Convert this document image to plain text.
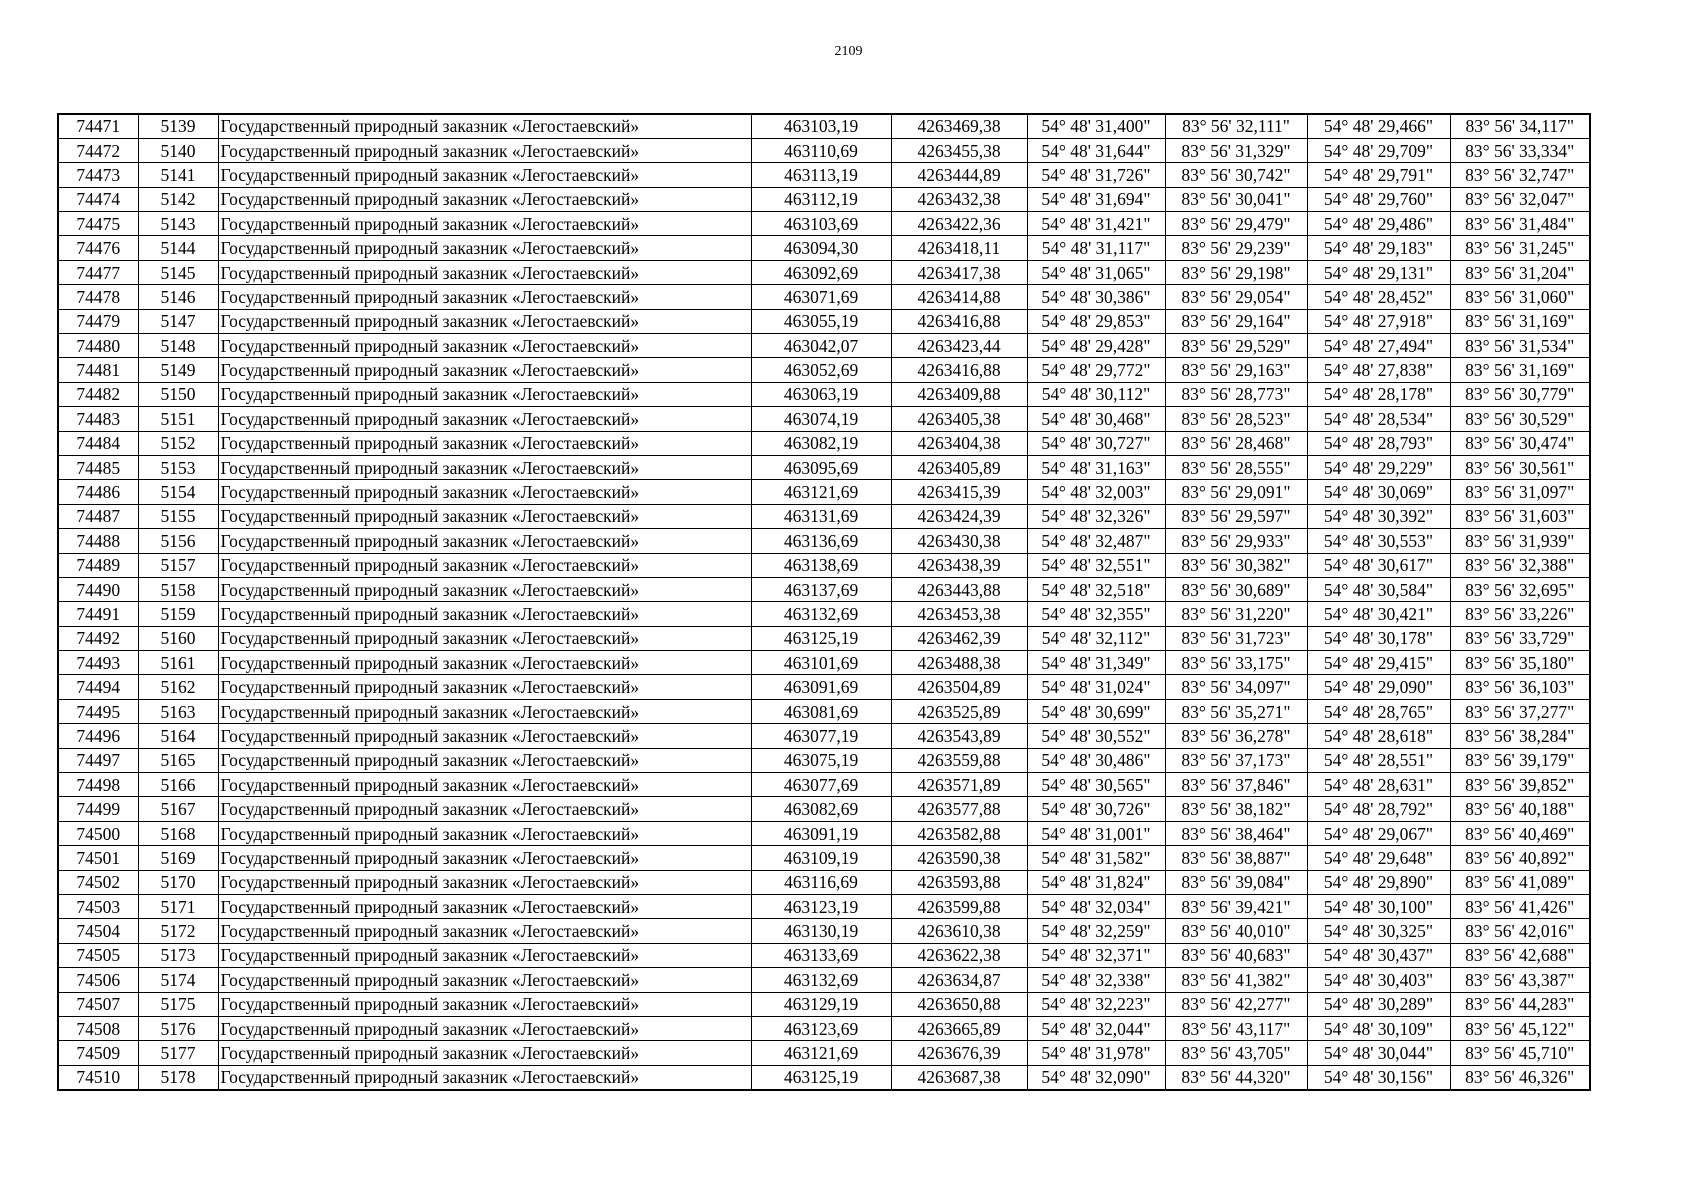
2109
74471	5139	Государственный природный заказник «Легостаевский»	463103,19	4263469,38	54° 48' 31,400"	83° 56' 32,111"	54° 48' 29,466"	83° 56' 34,117"
74472	5140	Государственный природный заказник «Легостаевский»	463110,69	4263455,38	54° 48' 31,644"	83° 56' 31,329"	54° 48' 29,709"	83° 56' 33,334"
74473	5141	Государственный природный заказник «Легостаевский»	463113,19	4263444,89	54° 48' 31,726"	83° 56' 30,742"	54° 48' 29,791"	83° 56' 32,747"
74474	5142	Государственный природный заказник «Легостаевский»	463112,19	4263432,38	54° 48' 31,694"	83° 56' 30,041"	54° 48' 29,760"	83° 56' 32,047"
74475	5143	Государственный природный заказник «Легостаевский»	463103,69	4263422,36	54° 48' 31,421"	83° 56' 29,479"	54° 48' 29,486"	83° 56' 31,484"
74476	5144	Государственный природный заказник «Легостаевский»	463094,30	4263418,11	54° 48' 31,117"	83° 56' 29,239"	54° 48' 29,183"	83° 56' 31,245"
74477	5145	Государственный природный заказник «Легостаевский»	463092,69	4263417,38	54° 48' 31,065"	83° 56' 29,198"	54° 48' 29,131"	83° 56' 31,204"
74478	5146	Государственный природный заказник «Легостаевский»	463071,69	4263414,88	54° 48' 30,386"	83° 56' 29,054"	54° 48' 28,452"	83° 56' 31,060"
74479	5147	Государственный природный заказник «Легостаевский»	463055,19	4263416,88	54° 48' 29,853"	83° 56' 29,164"	54° 48' 27,918"	83° 56' 31,169"
74480	5148	Государственный природный заказник «Легостаевский»	463042,07	4263423,44	54° 48' 29,428"	83° 56' 29,529"	54° 48' 27,494"	83° 56' 31,534"
74481	5149	Государственный природный заказник «Легостаевский»	463052,69	4263416,88	54° 48' 29,772"	83° 56' 29,163"	54° 48' 27,838"	83° 56' 31,169"
74482	5150	Государственный природный заказник «Легостаевский»	463063,19	4263409,88	54° 48' 30,112"	83° 56' 28,773"	54° 48' 28,178"	83° 56' 30,779"
74483	5151	Государственный природный заказник «Легостаевский»	463074,19	4263405,38	54° 48' 30,468"	83° 56' 28,523"	54° 48' 28,534"	83° 56' 30,529"
74484	5152	Государственный природный заказник «Легостаевский»	463082,19	4263404,38	54° 48' 30,727"	83° 56' 28,468"	54° 48' 28,793"	83° 56' 30,474"
74485	5153	Государственный природный заказник «Легостаевский»	463095,69	4263405,89	54° 48' 31,163"	83° 56' 28,555"	54° 48' 29,229"	83° 56' 30,561"
74486	5154	Государственный природный заказник «Легостаевский»	463121,69	4263415,39	54° 48' 32,003"	83° 56' 29,091"	54° 48' 30,069"	83° 56' 31,097"
74487	5155	Государственный природный заказник «Легостаевский»	463131,69	4263424,39	54° 48' 32,326"	83° 56' 29,597"	54° 48' 30,392"	83° 56' 31,603"
74488	5156	Государственный природный заказник «Легостаевский»	463136,69	4263430,38	54° 48' 32,487"	83° 56' 29,933"	54° 48' 30,553"	83° 56' 31,939"
74489	5157	Государственный природный заказник «Легостаевский»	463138,69	4263438,39	54° 48' 32,551"	83° 56' 30,382"	54° 48' 30,617"	83° 56' 32,388"
74490	5158	Государственный природный заказник «Легостаевский»	463137,69	4263443,88	54° 48' 32,518"	83° 56' 30,689"	54° 48' 30,584"	83° 56' 32,695"
74491	5159	Государственный природный заказник «Легостаевский»	463132,69	4263453,38	54° 48' 32,355"	83° 56' 31,220"	54° 48' 30,421"	83° 56' 33,226"
74492	5160	Государственный природный заказник «Легостаевский»	463125,19	4263462,39	54° 48' 32,112"	83° 56' 31,723"	54° 48' 30,178"	83° 56' 33,729"
74493	5161	Государственный природный заказник «Легостаевский»	463101,69	4263488,38	54° 48' 31,349"	83° 56' 33,175"	54° 48' 29,415"	83° 56' 35,180"
74494	5162	Государственный природный заказник «Легостаевский»	463091,69	4263504,89	54° 48' 31,024"	83° 56' 34,097"	54° 48' 29,090"	83° 56' 36,103"
74495	5163	Государственный природный заказник «Легостаевский»	463081,69	4263525,89	54° 48' 30,699"	83° 56' 35,271"	54° 48' 28,765"	83° 56' 37,277"
74496	5164	Государственный природный заказник «Легостаевский»	463077,19	4263543,89	54° 48' 30,552"	83° 56' 36,278"	54° 48' 28,618"	83° 56' 38,284"
74497	5165	Государственный природный заказник «Легостаевский»	463075,19	4263559,88	54° 48' 30,486"	83° 56' 37,173"	54° 48' 28,551"	83° 56' 39,179"
74498	5166	Государственный природный заказник «Легостаевский»	463077,69	4263571,89	54° 48' 30,565"	83° 56' 37,846"	54° 48' 28,631"	83° 56' 39,852"
74499	5167	Государственный природный заказник «Легостаевский»	463082,69	4263577,88	54° 48' 30,726"	83° 56' 38,182"	54° 48' 28,792"	83° 56' 40,188"
74500	5168	Государственный природный заказник «Легостаевский»	463091,19	4263582,88	54° 48' 31,001"	83° 56' 38,464"	54° 48' 29,067"	83° 56' 40,469"
74501	5169	Государственный природный заказник «Легостаевский»	463109,19	4263590,38	54° 48' 31,582"	83° 56' 38,887"	54° 48' 29,648"	83° 56' 40,892"
74502	5170	Государственный природный заказник «Легостаевский»	463116,69	4263593,88	54° 48' 31,824"	83° 56' 39,084"	54° 48' 29,890"	83° 56' 41,089"
74503	5171	Государственный природный заказник «Легостаевский»	463123,19	4263599,88	54° 48' 32,034"	83° 56' 39,421"	54° 48' 30,100"	83° 56' 41,426"
74504	5172	Государственный природный заказник «Легостаевский»	463130,19	4263610,38	54° 48' 32,259"	83° 56' 40,010"	54° 48' 30,325"	83° 56' 42,016"
74505	5173	Государственный природный заказник «Легостаевский»	463133,69	4263622,38	54° 48' 32,371"	83° 56' 40,683"	54° 48' 30,437"	83° 56' 42,688"
74506	5174	Государственный природный заказник «Легостаевский»	463132,69	4263634,87	54° 48' 32,338"	83° 56' 41,382"	54° 48' 30,403"	83° 56' 43,387"
74507	5175	Государственный природный заказник «Легостаевский»	463129,19	4263650,88	54° 48' 32,223"	83° 56' 42,277"	54° 48' 30,289"	83° 56' 44,283"
74508	5176	Государственный природный заказник «Легостаевский»	463123,69	4263665,89	54° 48' 32,044"	83° 56' 43,117"	54° 48' 30,109"	83° 56' 45,122"
74509	5177	Государственный природный заказник «Легостаевский»	463121,69	4263676,39	54° 48' 31,978"	83° 56' 43,705"	54° 48' 30,044"	83° 56' 45,710"
74510	5178	Государственный природный заказник «Легостаевский»	463125,19	4263687,38	54° 48' 32,090"	83° 56' 44,320"	54° 48' 30,156"	83° 56' 46,326"
